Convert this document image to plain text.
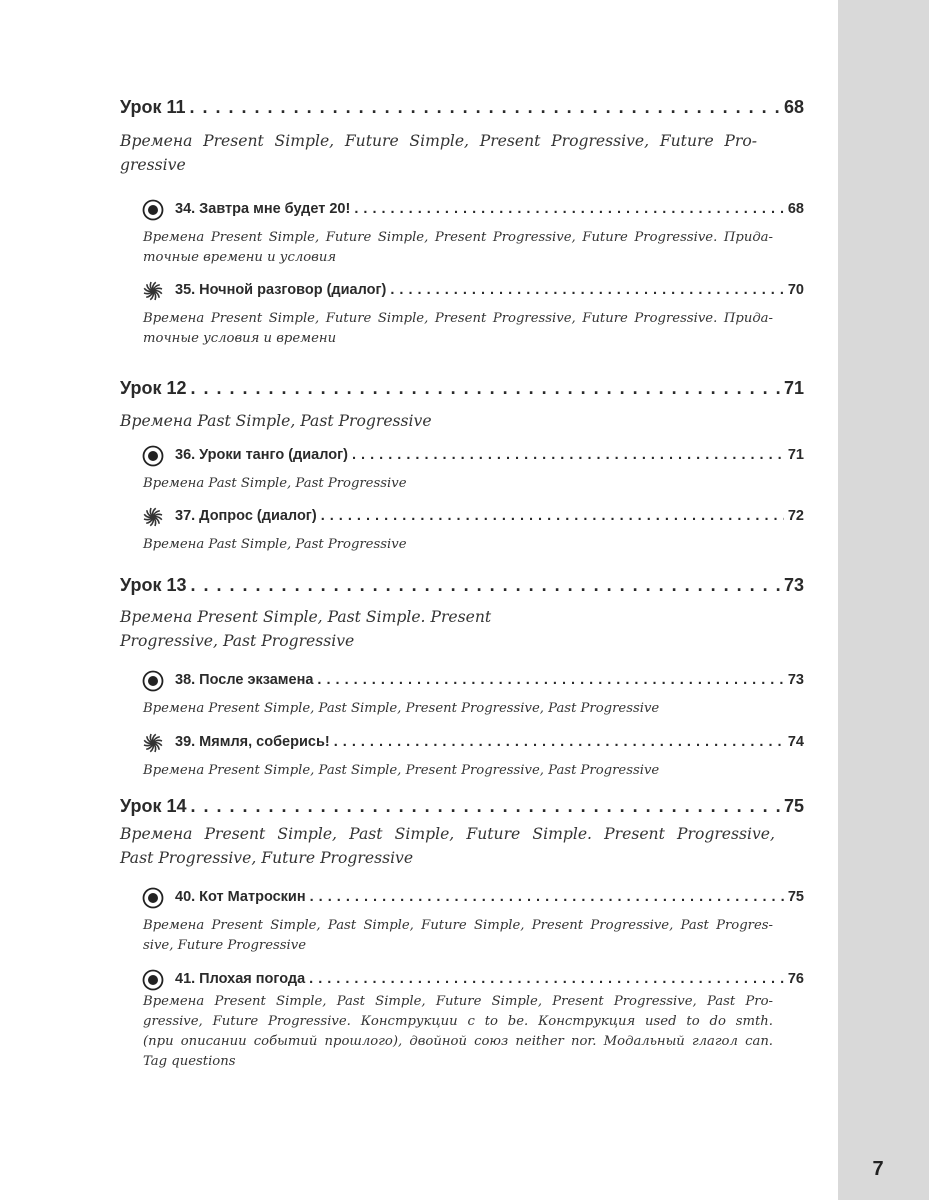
7
Урок 11 . . .	68
Времена Present Simple, Future Simple, Present Progressive, Future Pro-
gressive
34. Завтра мне будет 20! . . .	68
Времена Present Simple, Future Simple, Present Progressive, Future Progressive. Прида-
точные времени и условия
35. Ночной разговор (диалог) . . .	70
Времена Present Simple, Future Simple, Present Progressive, Future Progressive. Прида-
точные условия и времени
Урок 12 . . .	71
Времена Past Simple, Past Progressive
36. Уроки танго (диалог) . . .	71
Времена Past Simple, Past Progressive
37. Допрос (диалог) . . .	72
Времена Past Simple, Past Progressive
Урок 13 . . .	73
Времена Present Simple, Past Simple. Present
Progressive, Past Progressive
38. После экзамена . . .	73
Времена Present Simple, Past Simple, Present Progressive, Past Progressive
39. Мямля, соберись! . . .	74
Времена Present Simple, Past Simple, Present Progressive, Past Progressive
Урок 14 . . .	75
Времена Present Simple, Past Simple, Future Simple. Present Progressive,
Past Progressive, Future Progressive
40. Кот Матроскин . . .	75
Времена Present Simple, Past Simple, Future Simple, Present Progressive, Past Progres-
sive, Future Progressive
41. Плохая погода . . .	76
Времена Present Simple, Past Simple, Future Simple, Present Progressive, Past Pro-
gressive, Future Progressive. Конструкции с to be. Конструкция used to do smth.
(при описании событий прошлого), двойной союз neither nor. Модальный глагол can.
Tag questions
